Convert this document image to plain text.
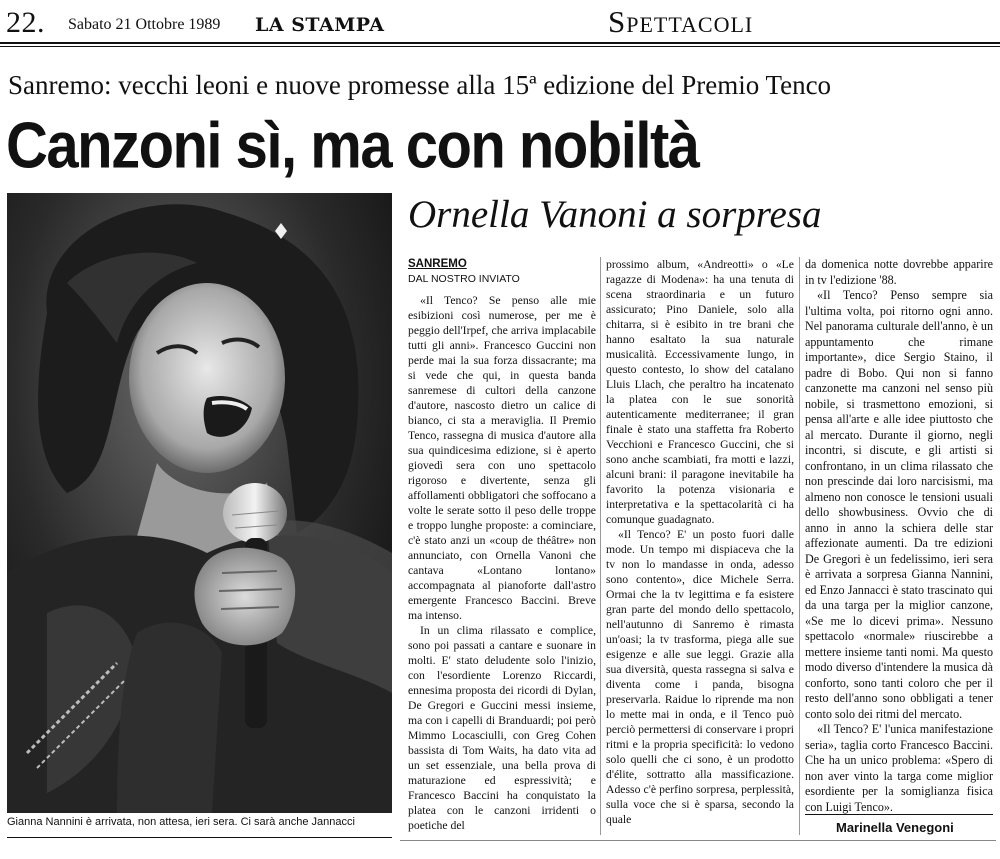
22. Sabato 21 Ottobre 1989 LA STAMPA	Spettacoli
Sanremo: vecchi leoni e nuove promesse alla 15ª edizione del Premio Tenco
Canzoni sì, ma con nobiltà
Ornella Vanoni a sorpresa
Gianna Nannini è arrivata, non attesa, ieri sera. Ci sarà anche Jannacci
SANREMO
DAL NOSTRO INVIATO

«Il Tenco? Se penso alle mie esibizioni così numerose, per me è peggio dell'Irpef, che arriva implacabile tutti gli anni». Francesco Guccini non perde mai la sua forza dissacrante; ma si vede che qui, in questa banda sanremese di cultori della canzone d'autore, nascosto dietro un calice di bianco, ci sta a meraviglia. Il Premio Tenco, rassegna di musica d'autore alla sua quindicesima edizione, si è aperto giovedì sera con uno spettacolo rigoroso e divertente, senza gli affollamenti obbligatori che soffocano a volte le serate sotto il peso delle troppe e troppo lunghe proposte: a cominciare, c'è stato anzi un «coup de théâtre» non annunciato, con Ornella Vanoni che cantava «Lontano lontano» accompagnata al pianoforte dall'astro emergente Francesco Baccini. Breve ma intenso.

In un clima rilassato e complice, sono poi passati a cantare e suonare in molti. E' stato deludente solo l'inizio, con l'esordiente Lorenzo Riccardi, ennesima proposta dei ricordi di Dylan, De Gregori e Guccini messi insieme, ma con i capelli di Branduardi; poi però Mimmo Locasciulli, con Greg Cohen bassista di Tom Waits, ha dato vita ad un set essenziale, una bella prova di maturazione ed espressività; e Francesco Baccini ha conquistato la platea con le canzoni irridenti o poetiche del

prossimo album, «Andreotti» o «Le ragazze di Modena»: ha una tenuta di scena straordinaria e un futuro assicurato; Pino Daniele, solo alla chitarra, si è esibito in tre brani che hanno esaltato la sua naturale musicalità. Eccessivamente lungo, in questo contesto, lo show del catalano Lluis Llach, che peraltro ha incatenato la platea con le sue sonorità autenticamente mediterranee; il gran finale è stato una staffetta fra Roberto Vecchioni e Francesco Guccini, che si sono anche scambiati, fra motti e lazzi, alcuni brani: il paragone inevitabile ha favorito la potenza visionaria e interpretativa e la spettacolarità ci ha comunque guadagnato.

«Il Tenco? E' un posto fuori dalle mode. Un tempo mi dispiaceva che la tv non lo mandasse in onda, adesso sono contento», dice Michele Serra. Ormai che la tv legittima e fa esistere gran parte del mondo dello spettacolo, nell'autunno di Sanremo è rimasta un'oasi; la tv trasforma, piega alle sue esigenze e alle sue leggi. Grazie alla sua diversità, questa rassegna si salva e diventa come i panda, bisogna preservarla. Raidue lo riprende ma non lo mette mai in onda, e il Tenco può perciò permettersi di conservare i propri ritmi e la propria specificità: lo vedono solo quelli che ci sono, è un prodotto d'élite, sottratto alla massificazione. Adesso c'è perfino sorpresa, perplessità, sulla voce che si è sparsa, secondo la quale

da domenica notte dovrebbe apparire in tv l'edizione '88.

«Il Tenco? Penso sempre sia l'ultima volta, poi ritorno ogni anno. Nel panorama culturale dell'anno, è un appuntamento che rimane importante», dice Sergio Staino, il padre di Bobo. Qui non si fanno canzonette ma canzoni nel senso più nobile, si trasmettono emozioni, si pensa all'arte e alle idee piuttosto che al mercato. Durante il giorno, negli incontri, si discute, e gli artisti si confrontano, in un clima rilassato che non prescinde dai loro narcisismi, ma almeno non conosce le tensioni usuali dello showbusiness. Ovvio che di anno in anno la schiera delle star affezionate aumenti. Da tre edizioni De Gregori è un fedelissimo, ieri sera è arrivata a sorpresa Gianna Nannini, ed Enzo Jannacci è stato trascinato qui da una targa per la miglior canzone, «Se me lo dicevi prima». Nessuno spettacolo «normale» riuscirebbe a mettere insieme tanti nomi. Ma questo modo diverso d'intendere la musica dà conforto, sono tanti coloro che per il resto dell'anno sono obbligati a tener conto solo dei ritmi del mercato.

«Il Tenco? E' l'unica manifestazione seria», taglia corto Francesco Baccini. Che ha un unico problema: «Spero di non aver vinto la targa come miglior esordiente per la somiglianza fisica con Luigi Tenco».

Marinella Venegoni
